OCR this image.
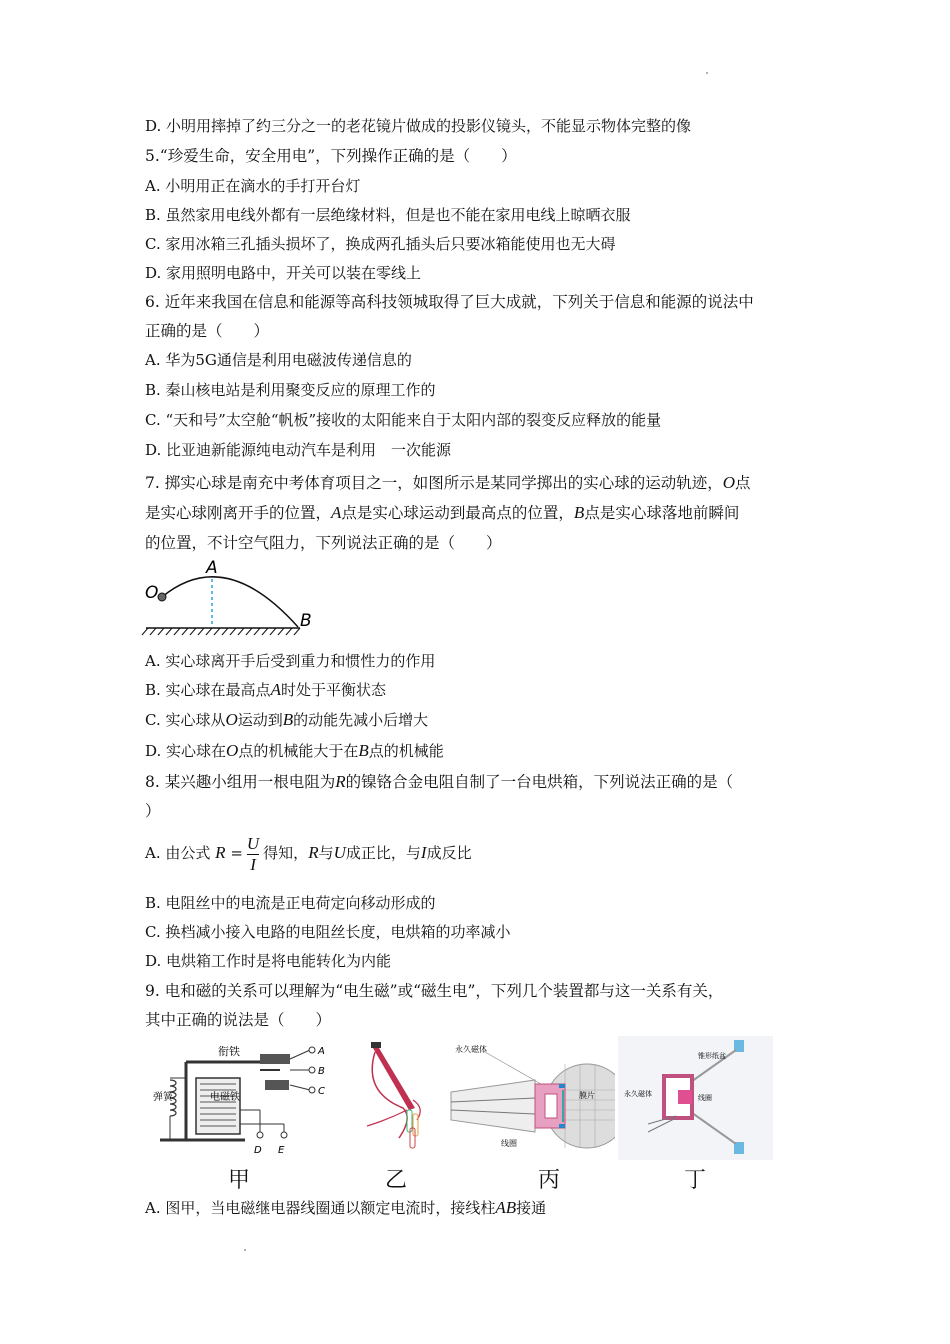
D. 小明用摔掉了约三分之一的老花镜片做成的投影仪镜头，不能显示物体完整的像
5.“珍爱生命，安全用电”，下列操作正确的是（　　）
A. 小明用正在滴水的手打开台灯
B. 虽然家用电线外都有一层绝缘材料，但是也不能在家用电线上晾晒衣服
C. 家用冰箱三孔插头损坏了，换成两孔插头后只要冰箱能使用也无大碍
D. 家用照明电路中，开关可以装在零线上
6. 近年来我国在信息和能源等高科技领城取得了巨大成就，下列关于信息和能源的说法中
正确的是（　　）
A. 华为5G通信是利用电磁波传递信息的
B. 秦山核电站是利用聚变反应的原理工作的
C. “天和号”太空舱“帆板”接收的太阳能来自于太阳内部的裂变反应释放的能量
D. 比亚迪新能源纯电动汽车是利用　一次能源
7. 掷实心球是南充中考体育项目之一，如图所示是某同学掷出的实心球的运动轨迹，O点
是实心球刚离开手的位置，A点是实心球运动到最高点的位置，B点是实心球落地前瞬间
的位置，不计空气阻力，下列说法正确的是（　　）
O
A
B
A. 实心球离开手后受到重力和惯性力的作用
B. 实心球在最高点A时处于平衡状态
C. 实心球从O运动到B的动能先减小后增大
D. 实心球在O点的机械能大于在B点的机械能
8. 某兴趣小组用一根电阻为R的镍铬合金电阻自制了一台电烘箱，下列说法正确的是（
）
A. 由公式 $R = \frac{U}{I}$ 得知，R与U成正比，与I成反比
B. 电阻丝中的电流是正电荷定向移动形成的
C. 换档减小接入电路的电阻丝长度，电烘箱的功率减小
D. 电烘箱工作时是将电能转化为内能
9. 电和磁的关系可以理解为“电生磁”或“磁生电”，下列几个装置都与这一关系有关，
其中正确的说法是（　　）
衔铁
弹簧	电磁铁
A
B
C
D E
甲	乙
永久磁体
膜片
线圈
丙
锥形纸盆
永久磁体	线圈
丁
A. 图甲，当电磁继电器线圈通以额定电流时，接线柱AB接通
